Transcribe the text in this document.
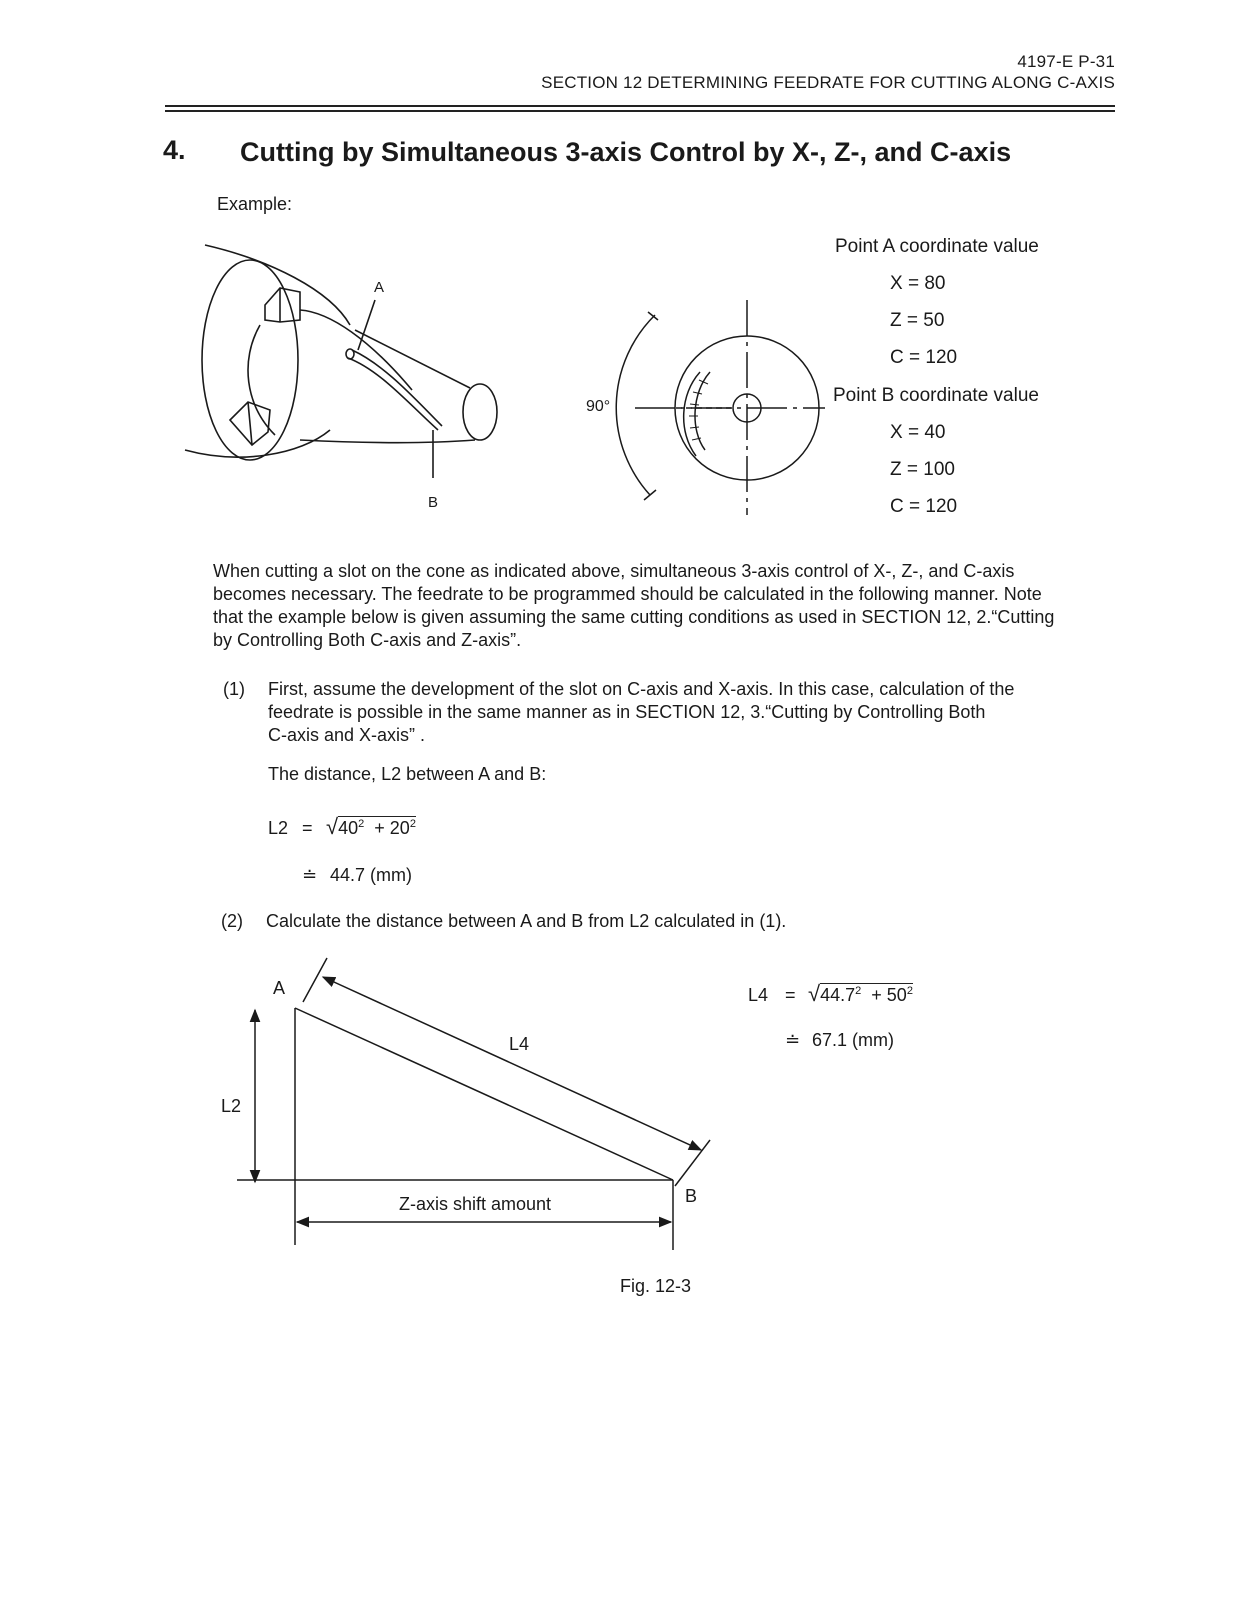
4197-E P-31
SECTION 12 DETERMINING FEEDRATE FOR CUTTING ALONG C-AXIS
4. Cutting by Simultaneous 3-axis Control by X-, Z-, and C-axis
Example:
A
B
90°
Point A coordinate value
X = 80
Z = 50
C = 120
Point B coordinate value
X = 40
Z = 100
C = 120
When cutting a slot on the cone as indicated above, simultaneous 3-axis control of X-, Z-, and C-axis
becomes necessary. The feedrate to be programmed should be calculated in the following manner. Note
that the example below is given assuming the same cutting conditions as used in SECTION 12, 2.“Cutting
by Controlling Both C-axis and Z-axis”.
(1) First, assume the development of the slot on C-axis and X-axis. In this case, calculation of the
feedrate is possible in the same manner as in SECTION 12, 3.“Cutting by Controlling Both
C-axis and X-axis” .
The distance, L2 between A and B:
$L2 = √40^2 + 20^2$
≐ 44.7 (mm)
(2) Calculate the distance between A and B from L2 calculated in (1).
A
B
L2
L4
Z-axis shift amount
$L4 = √44.7^2 + 50^2$
≐ 67.1 (mm)
Fig. 12-3
